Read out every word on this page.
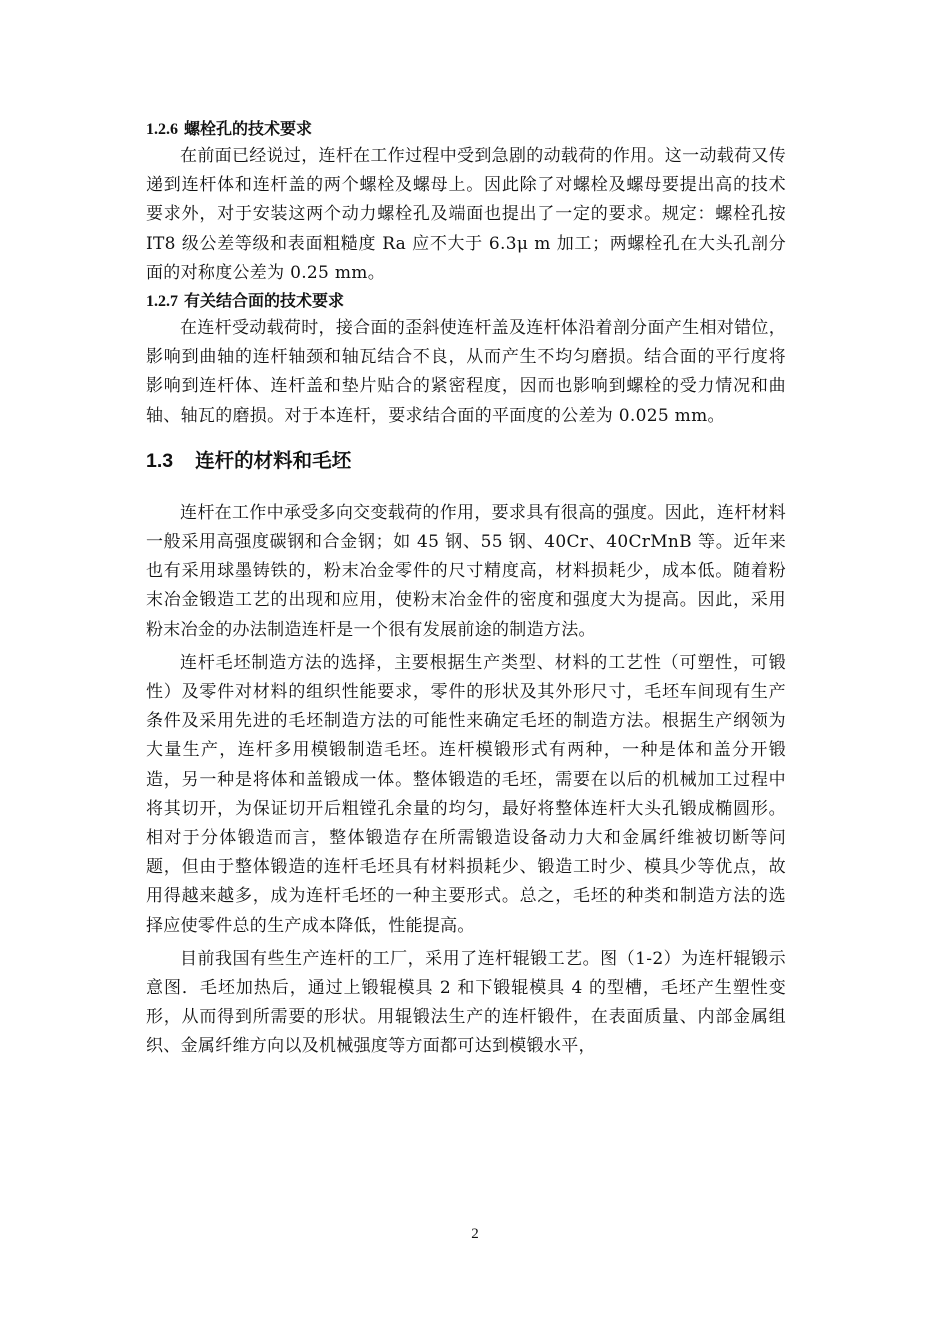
1.2.6 螺栓孔的技术要求

在前面已经说过，连杆在工作过程中受到急剧的动载荷的作用。这一动载荷又传递到连杆体和连杆盖的两个螺栓及螺母上。因此除了对螺栓及螺母要提出高的技术要求外，对于安装这两个动力螺栓孔及端面也提出了一定的要求。规定：螺栓孔按 IT8 级公差等级和表面粗糙度 Ra 应不大于 6.3μ m 加工；两螺栓孔在大头孔剖分面的对称度公差为 0.25 mm。

1.2.7 有关结合面的技术要求

在连杆受动载荷时，接合面的歪斜使连杆盖及连杆体沿着剖分面产生相对错位，影响到曲轴的连杆轴颈和轴瓦结合不良，从而产生不均匀磨损。结合面的平行度将影响到连杆体、连杆盖和垫片贴合的紧密程度，因而也影响到螺栓的受力情况和曲轴、轴瓦的磨损。对于本连杆，要求结合面的平面度的公差为 0.025 mm。

1.3 连杆的材料和毛坯

连杆在工作中承受多向交变载荷的作用，要求具有很高的强度。因此，连杆材料一般采用高强度碳钢和合金钢；如 45 钢、55 钢、40Cr、40CrMnB 等。近年来也有采用球墨铸铁的，粉末冶金零件的尺寸精度高，材料损耗少，成本低。随着粉末冶金锻造工艺的出现和应用，使粉末冶金件的密度和强度大为提高。因此，采用粉末冶金的办法制造连杆是一个很有发展前途的制造方法。

连杆毛坯制造方法的选择，主要根据生产类型、材料的工艺性（可塑性，可锻性）及零件对材料的组织性能要求，零件的形状及其外形尺寸，毛坯车间现有生产条件及采用先进的毛坯制造方法的可能性来确定毛坯的制造方法。根据生产纲领为大量生产，连杆多用模锻制造毛坯。连杆模锻形式有两种，一种是体和盖分开锻造，另一种是将体和盖锻成一体。整体锻造的毛坯，需要在以后的机械加工过程中将其切开，为保证切开后粗镗孔余量的均匀，最好将整体连杆大头孔锻成椭圆形。相对于分体锻造而言，整体锻造存在所需锻造设备动力大和金属纤维被切断等问题，但由于整体锻造的连杆毛坯具有材料损耗少、锻造工时少、模具少等优点，故用得越来越多，成为连杆毛坯的一种主要形式。总之，毛坯的种类和制造方法的选择应使零件总的生产成本降低，性能提高。

目前我国有些生产连杆的工厂，采用了连杆辊锻工艺。图（1-2）为连杆辊锻示意图．毛坯加热后，通过上锻辊模具 2 和下锻辊模具 4 的型槽，毛坯产生塑性变形，从而得到所需要的形状。用辊锻法生产的连杆锻件，在表面质量、内部金属组织、金属纤维方向以及机械强度等方面都可达到模锻水平，

2
